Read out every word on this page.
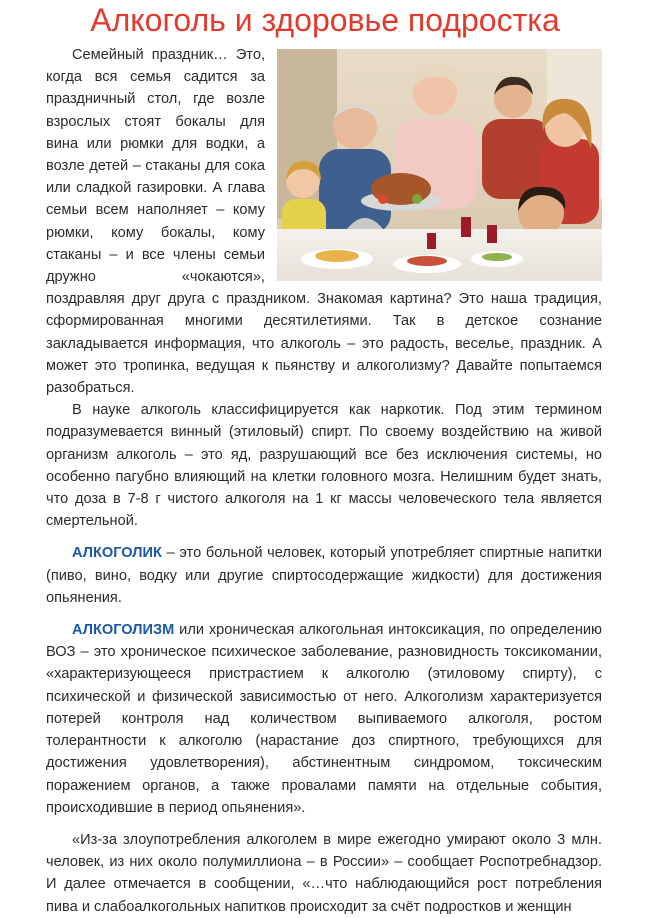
Алкоголь и здоровье подростка

Семейный праздник… Это, когда вся семья садится за праздничный стол, где возле взрослых стоят бокалы для вина или рюмки для водки, а возле детей – стаканы для сока или сладкой газировки. А глава семьи всем наполняет – кому рюмки, кому бокалы, кому стаканы – и все члены семьи дружно «чокаются», поздравляя друг друга с праздником. Знакомая картина? Это наша традиция, сформированная многими десятилетиями. Так в детское сознание закладывается информация, что алкоголь – это радость, веселье, праздник. А может это тропинка, ведущая к пьянству и алкоголизму? Давайте попытаемся разобраться.

В науке алкоголь классифицируется как наркотик. Под этим термином подразумевается винный (этиловый) спирт. По своему воздействию на живой организм алкоголь – это яд, разрушающий все без исключения системы, но особенно пагубно влияющий на клетки головного мозга. Нелишним будет знать, что доза в 7-8 г чистого алкоголя на 1 кг массы человеческого тела является смертельной.

АЛКОГОЛИК – это больной человек, который употребляет спиртные напитки (пиво, вино, водку или другие спиртосодержащие жидкости) для достижения опьянения.

АЛКОГОЛИЗМ или хроническая алкогольная интоксикация, по определению ВОЗ – это хроническое психическое заболевание, разновидность токсикомании, «характеризующееся пристрастием к алкоголю (этиловому спирту), с психической и физической зависимостью от него. Алкоголизм характеризуется потерей контроля над количеством выпиваемого алкоголя, ростом толерантности к алкоголю (нарастание доз спиртного, требующихся для достижения удовлетворения), абстинентным синдромом, токсическим поражением органов, а также провалами памяти на отдельные события, происходившие в период опьянения».

«Из-за злоупотребления алкоголем в мире ежегодно умирают около 3 млн. человек, из них около полумиллиона – в России» – сообщает Роспотребнадзор. И далее отмечается в сообщении, «…что наблюдающийся рост потребления пива и слабоалкогольных напитков происходит за счёт подростков и женщин
